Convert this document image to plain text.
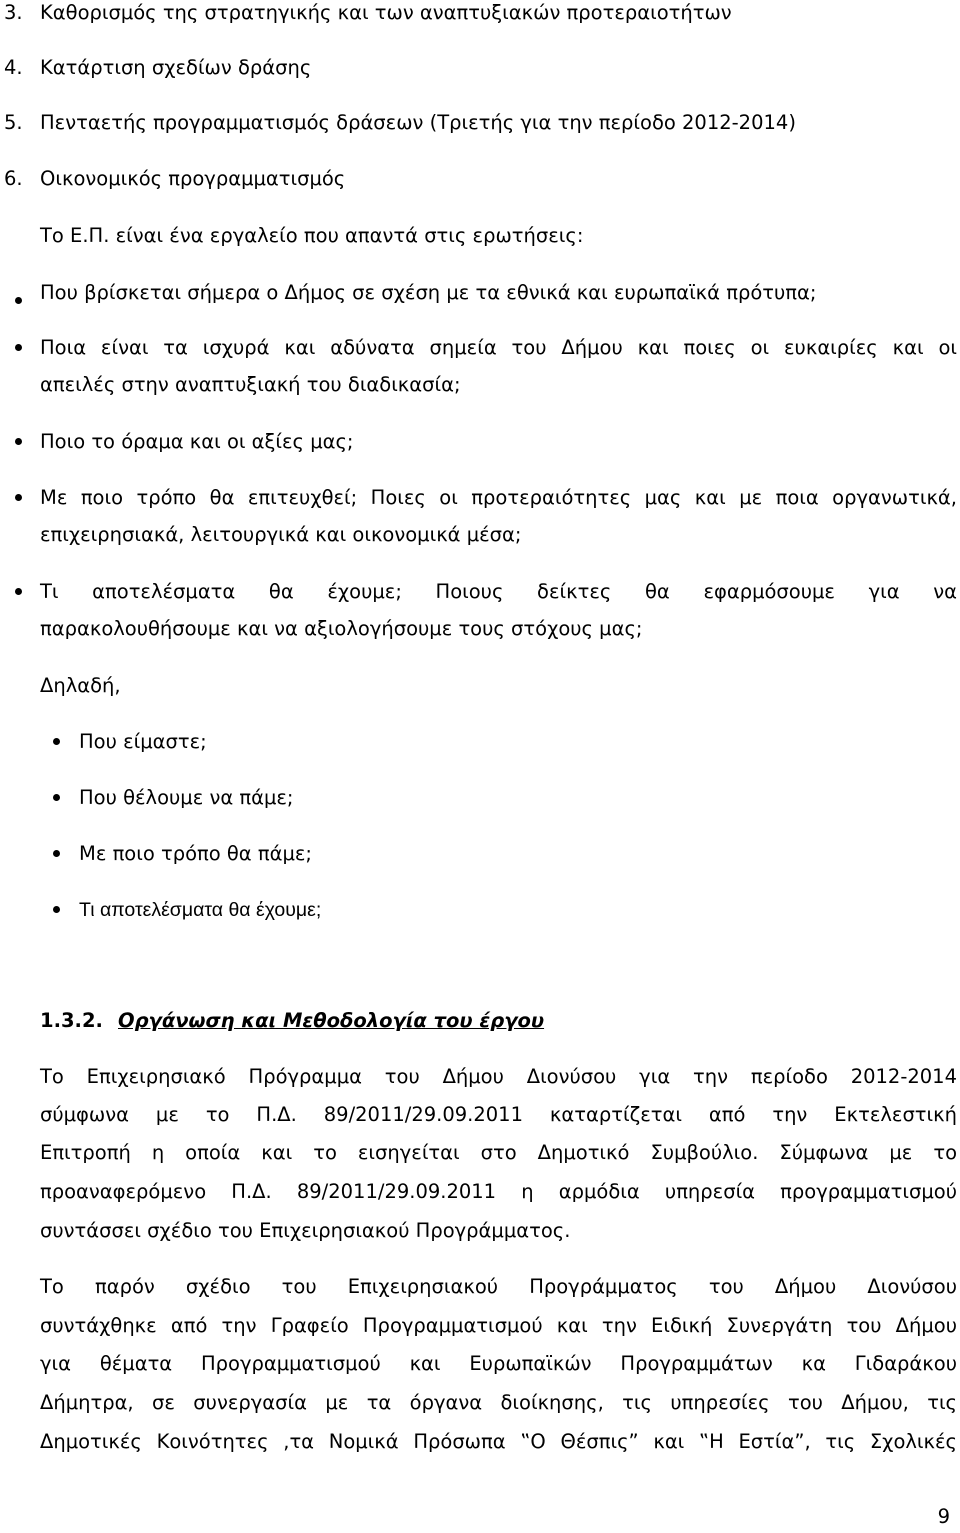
3. Καθορισμός της στρατηγικής και των αναπτυξιακών προτεραιοτήτων
4. Κατάρτιση σχεδίων δράσης
5. Πενταετής προγραμματισμός δράσεων (Τριετής για την περίοδο 2012-2014)
6. Οικονομικός προγραμματισμός
Το Ε.Π. είναι ένα εργαλείο που απαντά στις ερωτήσεις:
Που βρίσκεται σήμερα ο Δήμος σε σχέση με τα εθνικά και ευρωπαϊκά πρότυπα;
Ποια είναι τα ισχυρά και αδύνατα σημεία του Δήμου και ποιες οι ευκαιρίες και οι
απειλές στην αναπτυξιακή του διαδικασία;
Ποιο το όραμα και οι αξίες μας;
Με ποιο τρόπο θα επιτευχθεί; Ποιες οι προτεραιότητες μας και με ποια οργανωτικά,
επιχειρησιακά, λειτουργικά και οικονομικά μέσα;
Τι αποτελέσματα θα έχουμε; Ποιους δείκτες θα εφαρμόσουμε για να
παρακολουθήσουμε και να αξιολογήσουμε τους στόχους μας;
Δηλαδή,
Που είμαστε;
Που θέλουμε να πάμε;
Με ποιο τρόπο θα πάμε;
Τι αποτελέσματα θα έχουμε;
1.3.2. Οργάνωση και Μεθοδολογία του έργου
Το Επιχειρησιακό Πρόγραμμα του Δήμου Διονύσου για την περίοδο 2012-2014
σύμφωνα με το Π.Δ. 89/2011/29.09.2011 καταρτίζεται από την Εκτελεστική
Επιτροπή η οποία και το εισηγείται στο Δημοτικό Συμβούλιο. Σύμφωνα με το
προαναφερόμενο Π.Δ. 89/2011/29.09.2011 η αρμόδια υπηρεσία προγραμματισμού
συντάσσει σχέδιο του Επιχειρησιακού Προγράμματος.
Το παρόν σχέδιο του Επιχειρησιακού Προγράμματος του Δήμου Διονύσου
συντάχθηκε από την Γραφείο Προγραμματισμού και την Ειδική Συνεργάτη του Δήμου
για θέματα Προγραμματισμού και Ευρωπαϊκών Προγραμμάτων κα Γιδαράκου
Δήμητρα, σε συνεργασία με τα όργανα διοίκησης, τις υπηρεσίες του Δήμου, τις
Δημοτικές Κοινότητες ,τα Νομικά Πρόσωπα ‟Ο Θέσπις” και ‟Η Εστία”, τις Σχολικές
9
